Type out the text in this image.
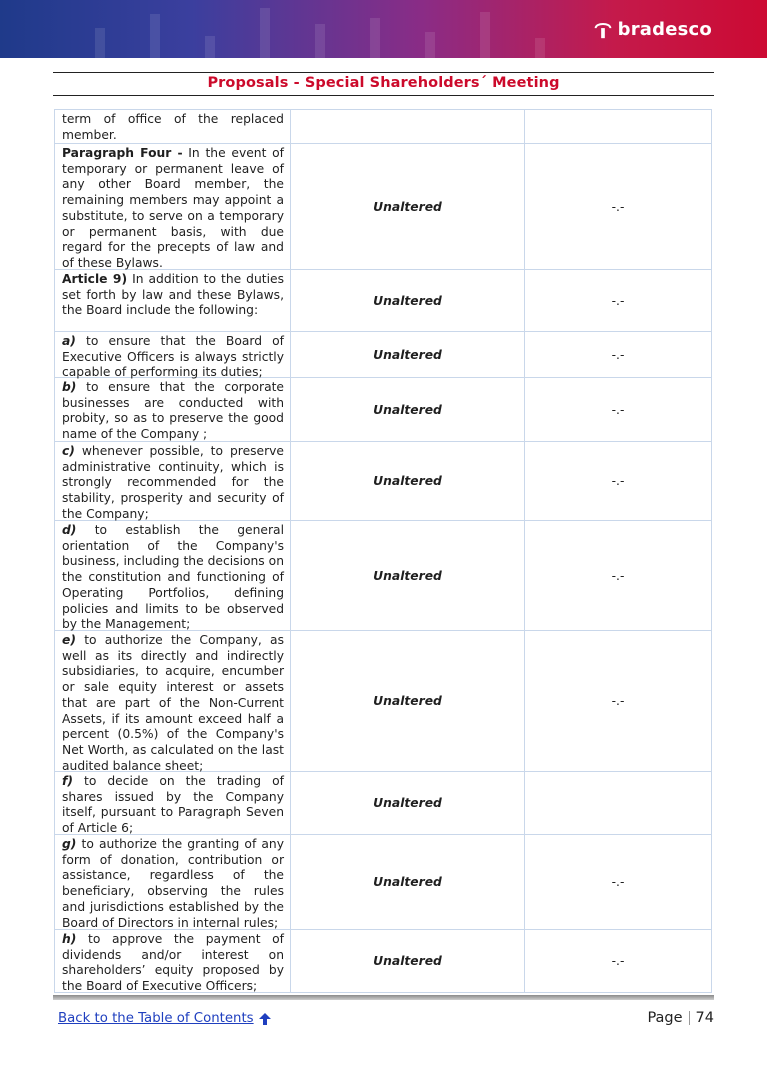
bradesco
Proposals - Special Shareholders´ Meeting
term of office of the replaced member.
Paragraph Four - In the event of temporary or permanent leave of any other Board member, the remaining members may appoint a substitute, to serve on a temporary or permanent basis, with due regard for the precepts of law and of these Bylaws.
Unaltered	-.-
Article 9) In addition to the duties set forth by law and these Bylaws, the Board include the following:
Unaltered	-.-
a) to ensure that the Board of Executive Officers is always strictly capable of performing its duties;
Unaltered	-.-
b) to ensure that the corporate businesses are conducted with probity, so as to preserve the good name of the Company ;
Unaltered	-.-
c) whenever possible, to preserve administrative continuity, which is strongly recommended for the stability, prosperity and security of the Company;
Unaltered	-.-
d) to establish the general orientation of the Company's business, including the decisions on the constitution and functioning of Operating Portfolios, defining policies and limits to be observed by the Management;
Unaltered	-.-
e) to authorize the Company, as well as its directly and indirectly subsidiaries, to acquire, encumber or sale equity interest or assets that are part of the Non-Current Assets, if its amount exceed half a percent (0.5%) of the Company's Net Worth, as calculated on the last audited balance sheet;
Unaltered	-.-
f) to decide on the trading of shares issued by the Company itself, pursuant to Paragraph Seven of Article 6;
Unaltered
g) to authorize the granting of any form of donation, contribution or assistance, regardless of the beneficiary, observing the rules and jurisdictions established by the Board of Directors in internal rules;
Unaltered	-.-
h) to approve the payment of dividends and/or interest on shareholders’ equity proposed by the Board of Executive Officers;
Unaltered	-.-
Back to the Table of Contents	Page 74
